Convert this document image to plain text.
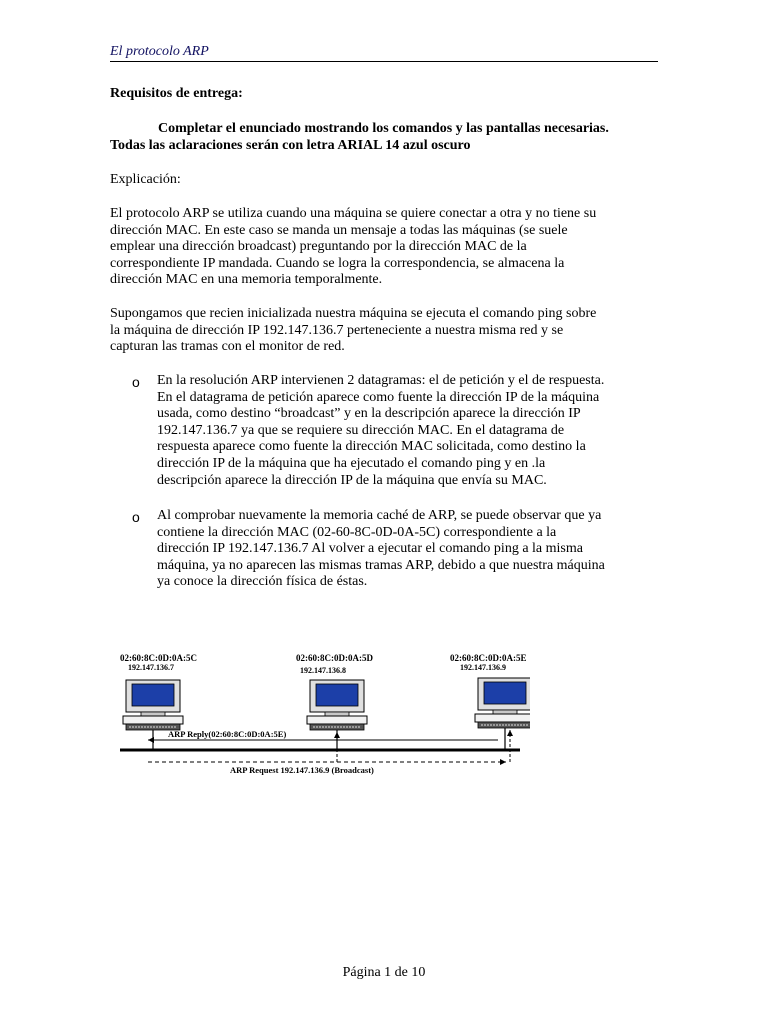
El protocolo ARP

Requisitos de entrega:

Completar el enunciado mostrando los comandos y las pantallas necesarias.

Todas las aclaraciones serán con letra ARIAL 14 azul oscuro

Explicación:

El protocolo ARP se utiliza cuando una máquina se quiere conectar a otra y no tiene su

dirección MAC. En este caso se manda un mensaje a todas las máquinas (se suele

emplear una dirección broadcast) preguntando por la dirección MAC de la

correspondiente IP mandada. Cuando se logra la correspondencia, se almacena la

dirección MAC en una memoria temporalmente.

Supongamos que recien inicializada nuestra máquina se ejecuta el comando ping sobre

la máquina de dirección IP 192.147.136.7 perteneciente a nuestra misma red y se

capturan las tramas con el monitor de red.

o En la resolución ARP intervienen 2 datagramas: el de petición y el de respuesta.

En el datagrama de petición aparece como fuente la dirección IP de la máquina

usada, como destino “broadcast” y en la descripción aparece la dirección IP

192.147.136.7 ya que se requiere su dirección MAC. En el datagrama de

respuesta aparece como fuente la dirección MAC solicitada, como destino la

dirección IP de la máquina que ha ejecutado el comando ping y en .la

descripción aparece la dirección IP de la máquina que envía su MAC.

o Al comprobar nuevamente la memoria caché de ARP, se puede observar que ya

contiene la dirección MAC (02-60-8C-0D-0A-5C) correspondiente a la

dirección IP 192.147.136.7 Al volver a ejecutar el comando ping a la misma

máquina, ya no aparecen las mismas tramas ARP, debido a que nuestra máquina

ya conoce la dirección física de éstas.

02:60:8C:0D:0A:5C
192.147.136.7
02:60:8C:0D:0A:5D
192.147.136.8
02:60:8C:0D:0A:5E
192.147.136.9
ARP Reply(02:60:8C:0D:0A:5E)
ARP Request 192.147.136.9 (Broadcast)
Página 1 de 10
